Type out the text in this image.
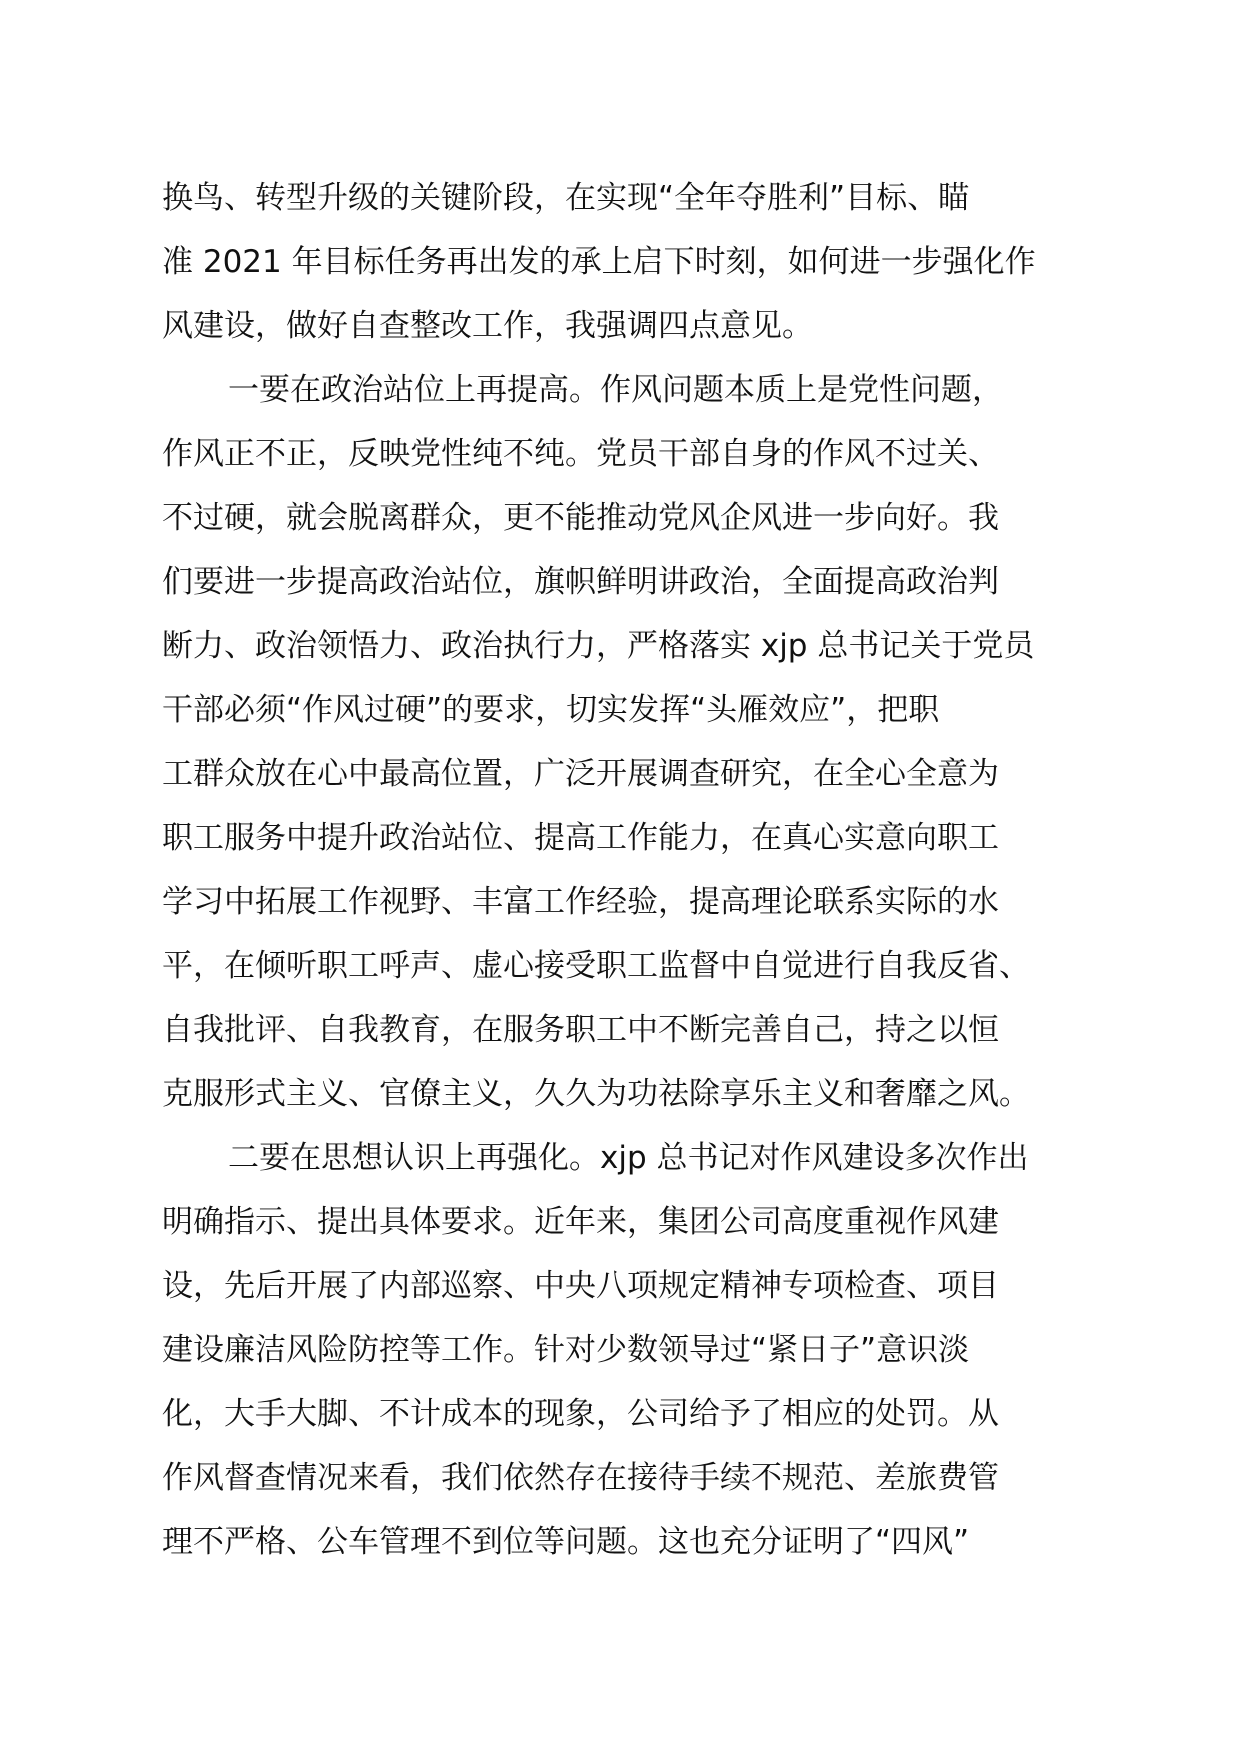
换鸟、转型升级的关键阶段，在实现“全年夺胜利”目标、瞄
准 2021 年目标任务再出发的承上启下时刻，如何进一步强化作
风建设，做好自查整改工作，我强调四点意见。
一要在政治站位上再提高。作风问题本质上是党性问题，
作风正不正，反映党性纯不纯。党员干部自身的作风不过关、
不过硬，就会脱离群众，更不能推动党风企风进一步向好。我
们要进一步提高政治站位，旗帜鲜明讲政治，全面提高政治判
断力、政治领悟力、政治执行力，严格落实 xjp 总书记关于党员
干部必须“作风过硬”的要求，切实发挥“头雁效应”，把职
工群众放在心中最高位置，广泛开展调查研究，在全心全意为
职工服务中提升政治站位、提高工作能力，在真心实意向职工
学习中拓展工作视野、丰富工作经验，提高理论联系实际的水
平，在倾听职工呼声、虚心接受职工监督中自觉进行自我反省、
自我批评、自我教育，在服务职工中不断完善自己，持之以恒
克服形式主义、官僚主义，久久为功祛除享乐主义和奢靡之风。
二要在思想认识上再强化。xjp 总书记对作风建设多次作出
明确指示、提出具体要求。近年来，集团公司高度重视作风建
设，先后开展了内部巡察、中央八项规定精神专项检查、项目
建设廉洁风险防控等工作。针对少数领导过“紧日子”意识淡
化，大手大脚、不计成本的现象，公司给予了相应的处罚。从
作风督查情况来看，我们依然存在接待手续不规范、差旅费管
理不严格、公车管理不到位等问题。这也充分证明了“四风”
